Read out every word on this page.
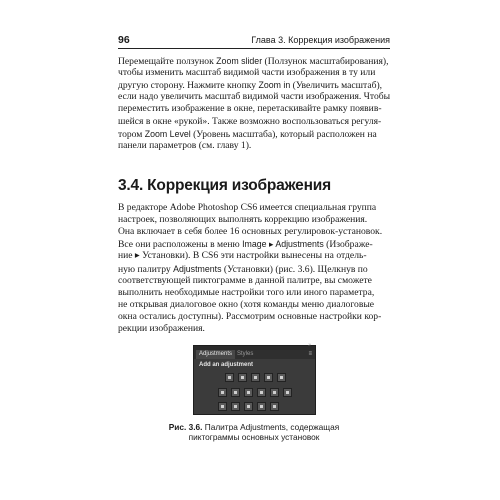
96	Глава 3. Коррекция изображения
Перемещайте ползунок Zoom slider (Ползунок масштабирования),
чтобы изменить масштаб видимой части изображения в ту или
другую сторону. Нажмите кнопку Zoom in (Увеличить масштаб),
если надо увеличить масштаб видимой части изображения. Чтобы
переместить изображение в окне, перетаскивайте рамку появив-
шейся в окне «рукой». Также возможно воспользоваться регуля-
тором Zoom Level (Уровень масштаба), который расположен на
панели параметров (см. главу 1).
3.4. Коррекция изображения
В редакторе Adobe Photoshop CS6 имеется специальная группа
настроек, позволяющих выполнять коррекцию изображения.
Она включает в себя более 16 основных регулировок-установок.
Все они расположены в меню Image ▸ Adjustments (Изображе-
ние ▸ Установки). В CS6 эти настройки вынесены на отдель-
ную палитру Adjustments (Установки) (рис. 3.6). Щелкнув по
соответствующей пиктограмме в данной палитре, вы сможете
выполнить необходимые настройки того или иного параметра,
не открывая диалоговое окно (хотя команды меню диалоговые
окна остались доступны). Рассмотрим основные настройки кор-
рекции изображения.
»
Adjustments Styles	≡
Add an adjustment
Рис. 3.6. Палитра Adjustments, содержащая
пиктограммы основных установок
